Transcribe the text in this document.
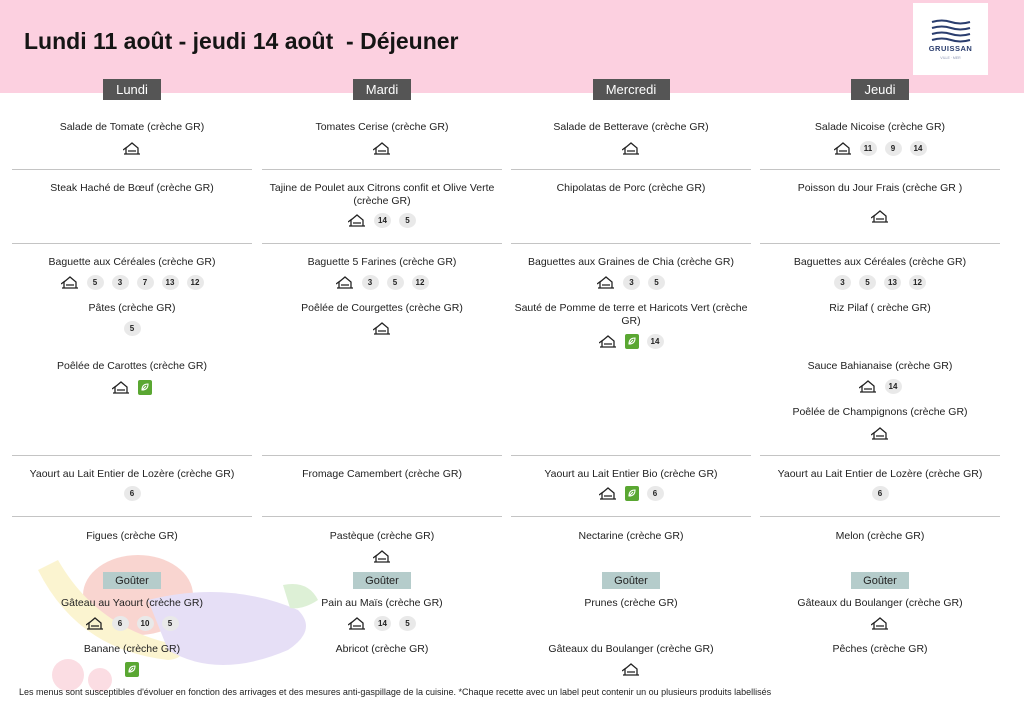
Lundi 11 août - jeudi 14 août  - Déjeuner	GRUISSAN
VILLE · MER
Lundi
Salade de Tomate (crèche GR)
Steak Haché de Bœuf (crèche GR)
Baguette aux Céréales (crèche GR)
5	3	7	13	12
Pâtes (crèche GR)
5
Poêlée de Carottes (crèche GR)
Yaourt au Lait Entier de Lozère (crèche GR)
6
Figues (crèche GR)
Gâteau au Yaourt (crèche GR)
6	10	5
Banane (crèche GR)
Goûter
Mardi
Tomates Cerise (crèche GR)
Tajine de Poulet aux Citrons confit et Olive Verte (crèche GR)
14	5
Baguette 5 Farines (crèche GR)
3	5	12
Poêlée de Courgettes (crèche GR)
Fromage Camembert (crèche GR)
Pastèque (crèche GR)
Pain au Maïs (crèche GR)
14	5
Abricot (crèche GR)
Goûter
Mercredi
Salade de Betterave (crèche GR)
Chipolatas de Porc (crèche GR)
Baguettes aux Graines de Chia (crèche GR)
3	5
Sauté de Pomme de terre et Haricots Vert (crèche GR)
14
Yaourt au Lait Entier Bio (crèche GR)
6
Nectarine (crèche GR)
Prunes (crèche GR)
Gâteaux du Boulanger (crèche GR)
Goûter
Jeudi
Salade Nicoise (crèche GR)
11	9	14
Poisson du Jour Frais (crèche GR )
Baguettes aux Céréales (crèche GR)
3	5	13	12
Riz Pilaf ( crèche GR)
Sauce Bahianaise (crèche GR)
14
Poêlée de Champignons (crèche GR)
Yaourt au Lait Entier de Lozère (crèche GR)
6
Melon (crèche GR)
Gâteaux du Boulanger (crèche GR)
Pêches (crèche GR)
Goûter
Les menus sont susceptibles d'évoluer en fonction des arrivages et des mesures anti-gaspillage de la cuisine. *Chaque recette avec un label peut contenir un ou plusieurs produits labellisés
